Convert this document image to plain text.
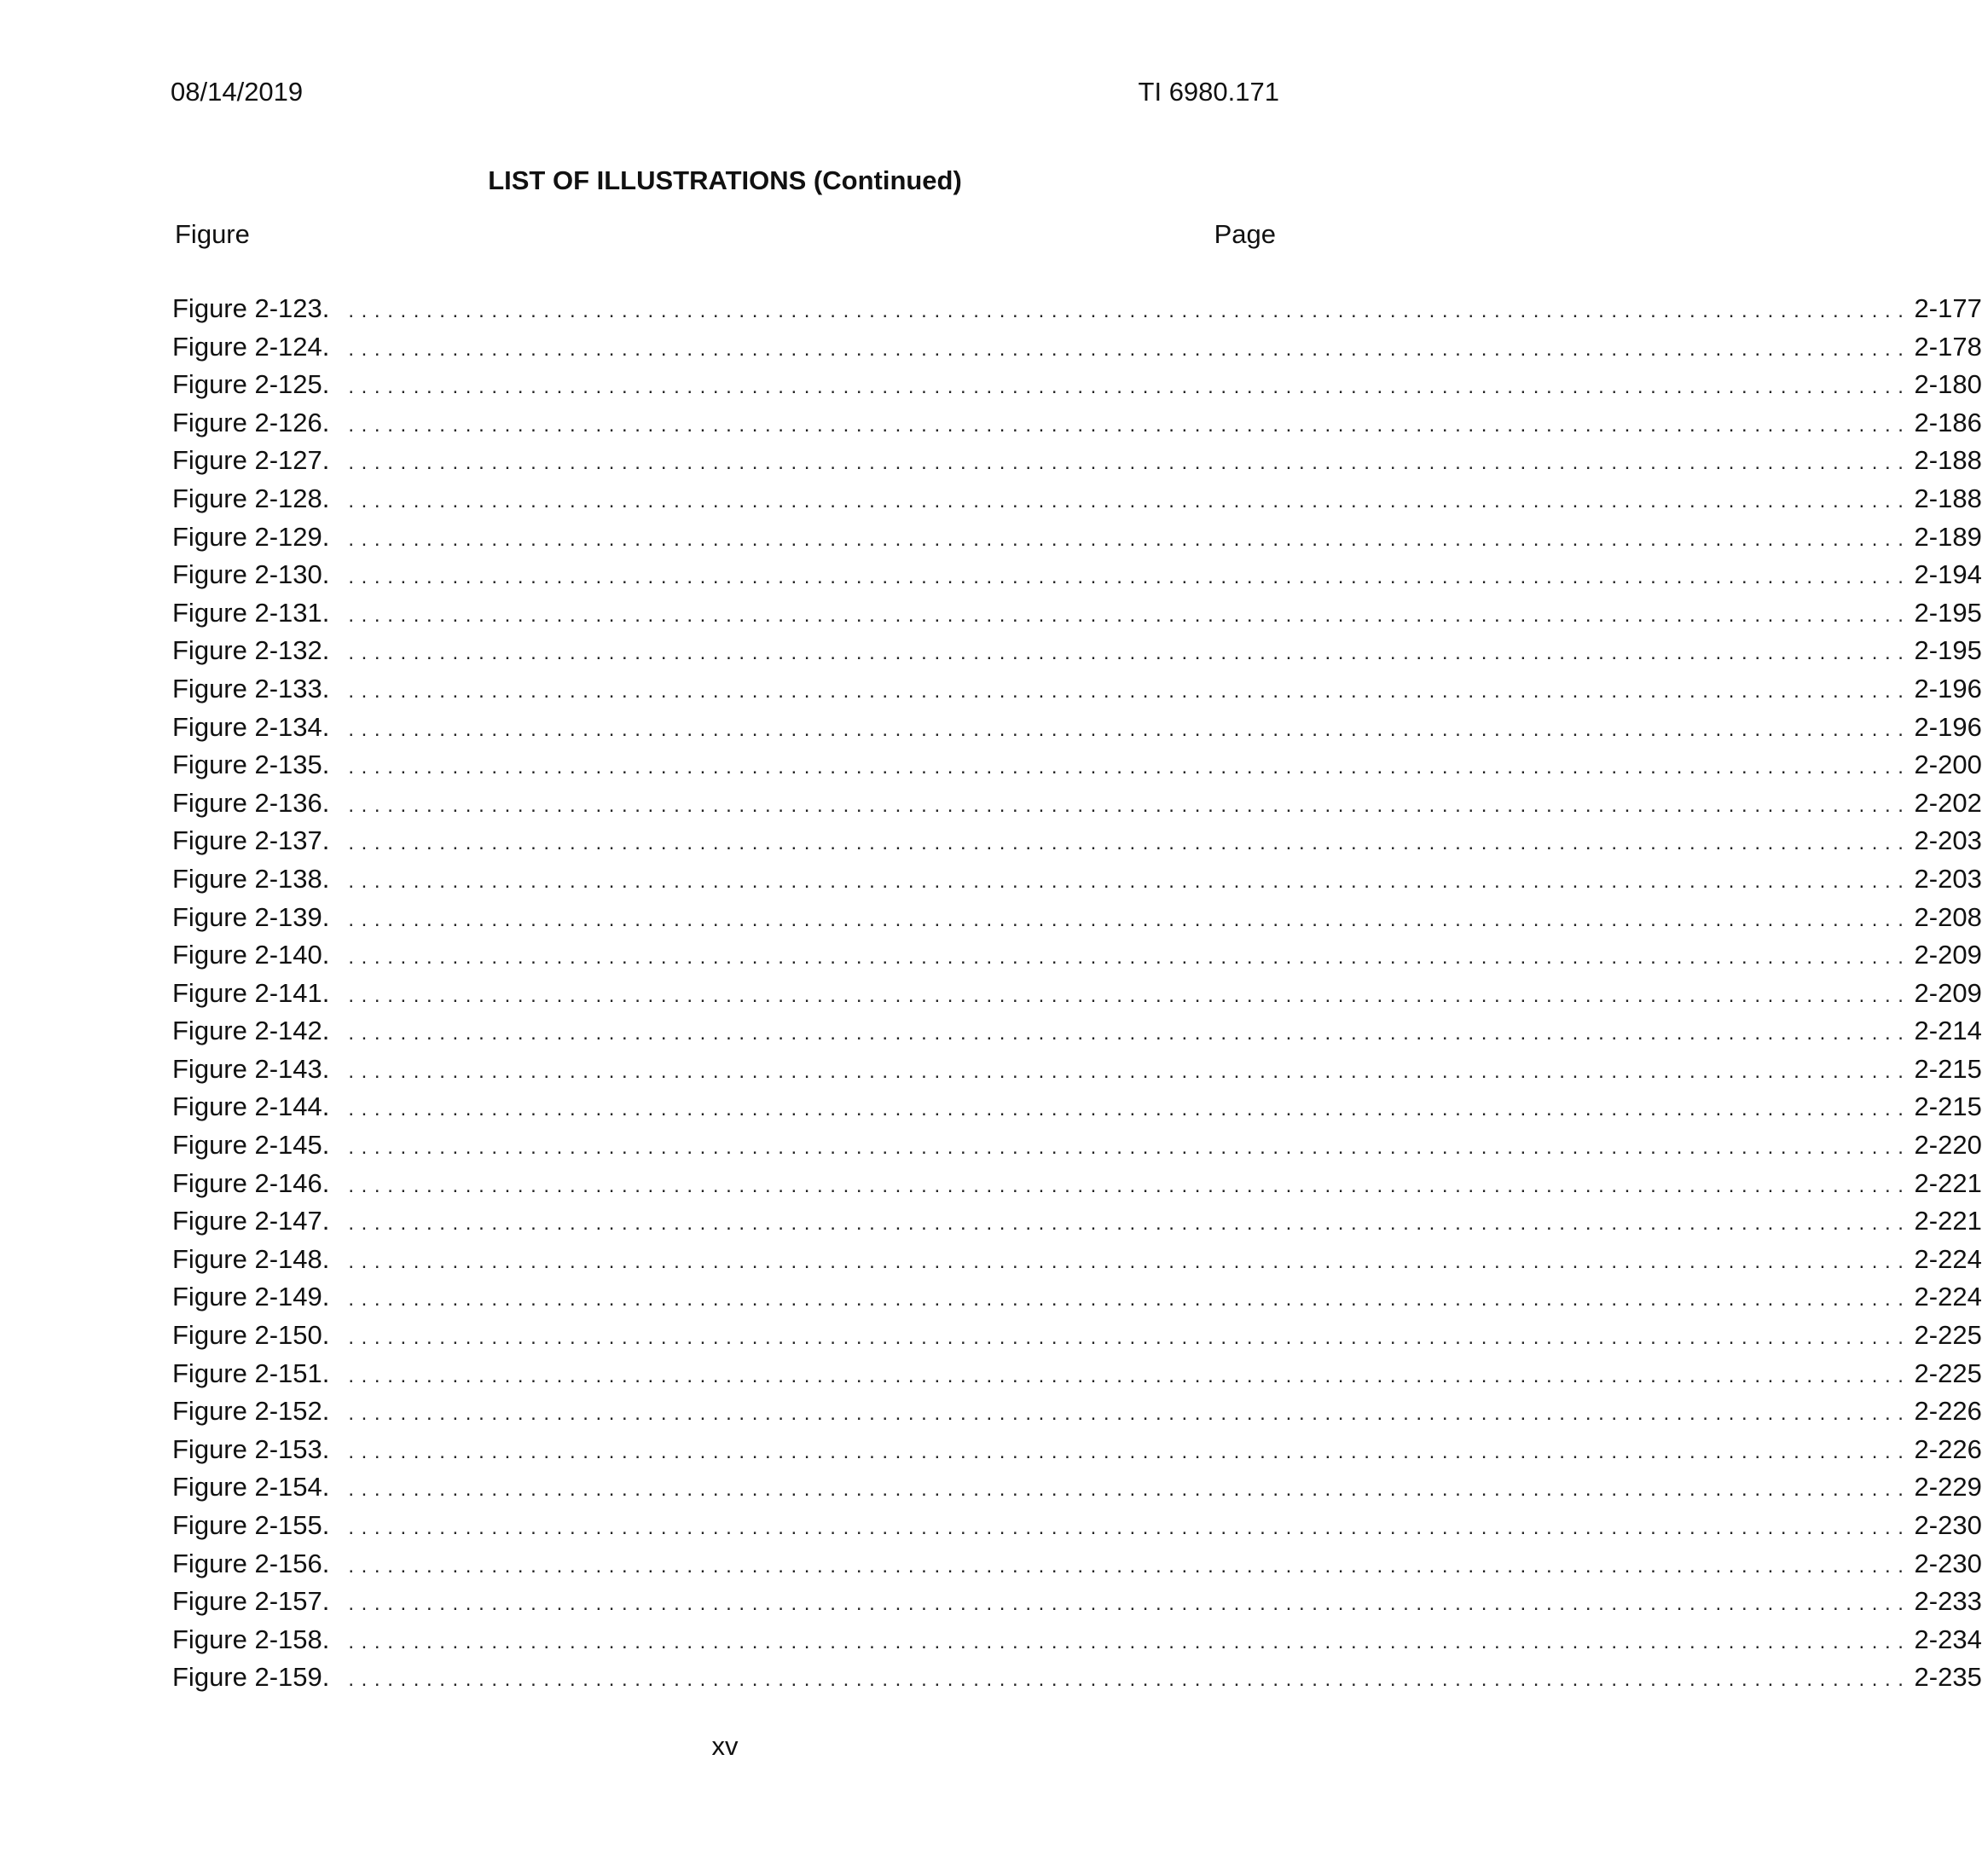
08/14/2019	TI 6980.171
LIST OF ILLUSTRATIONS (Continued)
Figure	Page
Figure 2-123. ........................................................................................................................ 2-177
Figure 2-124. ........................................................................................................................ 2-178
Figure 2-125. ........................................................................................................................ 2-180
Figure 2-126. ........................................................................................................................ 2-186
Figure 2-127. ........................................................................................................................ 2-188
Figure 2-128. ........................................................................................................................ 2-188
Figure 2-129. ........................................................................................................................ 2-189
Figure 2-130. ........................................................................................................................ 2-194
Figure 2-131. ........................................................................................................................ 2-195
Figure 2-132. ........................................................................................................................ 2-195
Figure 2-133. ........................................................................................................................ 2-196
Figure 2-134. ........................................................................................................................ 2-196
Figure 2-135. ........................................................................................................................ 2-200
Figure 2-136. ........................................................................................................................ 2-202
Figure 2-137. ........................................................................................................................ 2-203
Figure 2-138. ........................................................................................................................ 2-203
Figure 2-139. ........................................................................................................................ 2-208
Figure 2-140. ........................................................................................................................ 2-209
Figure 2-141. ........................................................................................................................ 2-209
Figure 2-142. ........................................................................................................................ 2-214
Figure 2-143. ........................................................................................................................ 2-215
Figure 2-144. ........................................................................................................................ 2-215
Figure 2-145. ........................................................................................................................ 2-220
Figure 2-146. ........................................................................................................................ 2-221
Figure 2-147. ........................................................................................................................ 2-221
Figure 2-148. ........................................................................................................................ 2-224
Figure 2-149. ........................................................................................................................ 2-224
Figure 2-150. ........................................................................................................................ 2-225
Figure 2-151. ........................................................................................................................ 2-225
Figure 2-152. ........................................................................................................................ 2-226
Figure 2-153. ........................................................................................................................ 2-226
Figure 2-154. ........................................................................................................................ 2-229
Figure 2-155. ........................................................................................................................ 2-230
Figure 2-156. ........................................................................................................................ 2-230
Figure 2-157. ........................................................................................................................ 2-233
Figure 2-158. ........................................................................................................................ 2-234
Figure 2-159. ........................................................................................................................ 2-235
xv
